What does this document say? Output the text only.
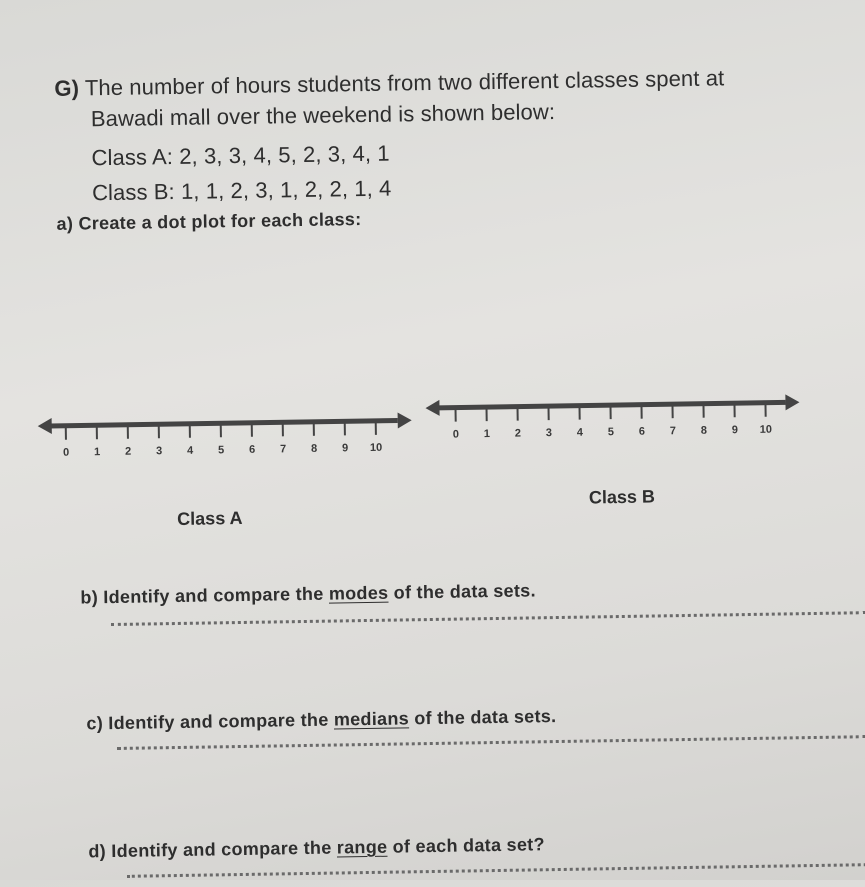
G) The number of hours students from two different classes spent at
Bawadi mall over the weekend is shown below:
Class A: 2, 3, 3, 4, 5, 2, 3, 4, 1
Class B: 1, 1, 2, 3, 1, 2, 2, 1, 4
a) Create a dot plot for each class:
0 1 2 3 4 5 6 7 8 9 10
0 1 2 3 4 5 6 7 8 9 10
Class A
Class B
b) Identify and compare the modes of the data sets.
c) Identify and compare the medians of the data sets.
d) Identify and compare the range of each data set?
